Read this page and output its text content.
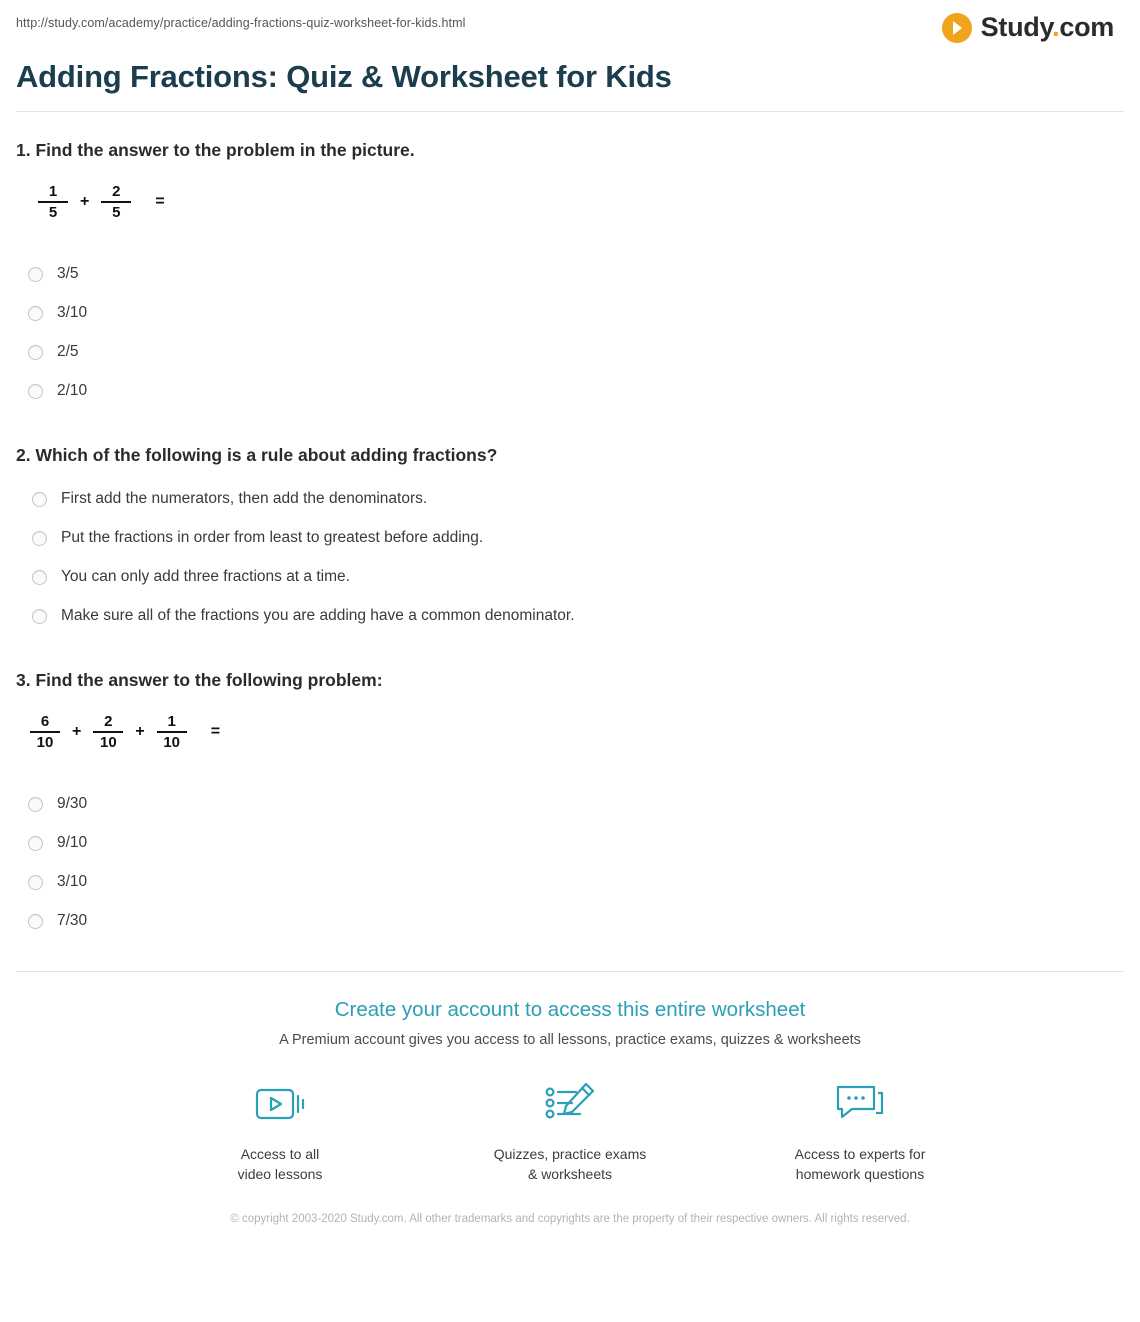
http://study.com/academy/practice/adding-fractions-quiz-worksheet-for-kids.html	Study.com
Adding Fractions: Quiz & Worksheet for Kids
1. Find the answer to the problem in the picture.
$\frac{1}{5} + \frac{2}{5}$ =
3/5
3/10
2/5
2/10
2. Which of the following is a rule about adding fractions?
First add the numerators, then add the denominators.
Put the fractions in order from least to greatest before adding.
You can only add three fractions at a time.
Make sure all of the fractions you are adding have a common denominator.
3. Find the answer to the following problem:
$\frac{6}{10} + \frac{2}{10} + \frac{1}{10}$ =
9/30
9/10
3/10
7/30
Create your account to access this entire worksheet
A Premium account gives you access to all lessons, practice exams, quizzes & worksheets
Access to all
video lessons
Quizzes, practice exams
& worksheets
Access to experts for
homework questions
© copyright 2003-2020 Study.com. All other trademarks and copyrights are the property of their respective owners. All rights reserved.
